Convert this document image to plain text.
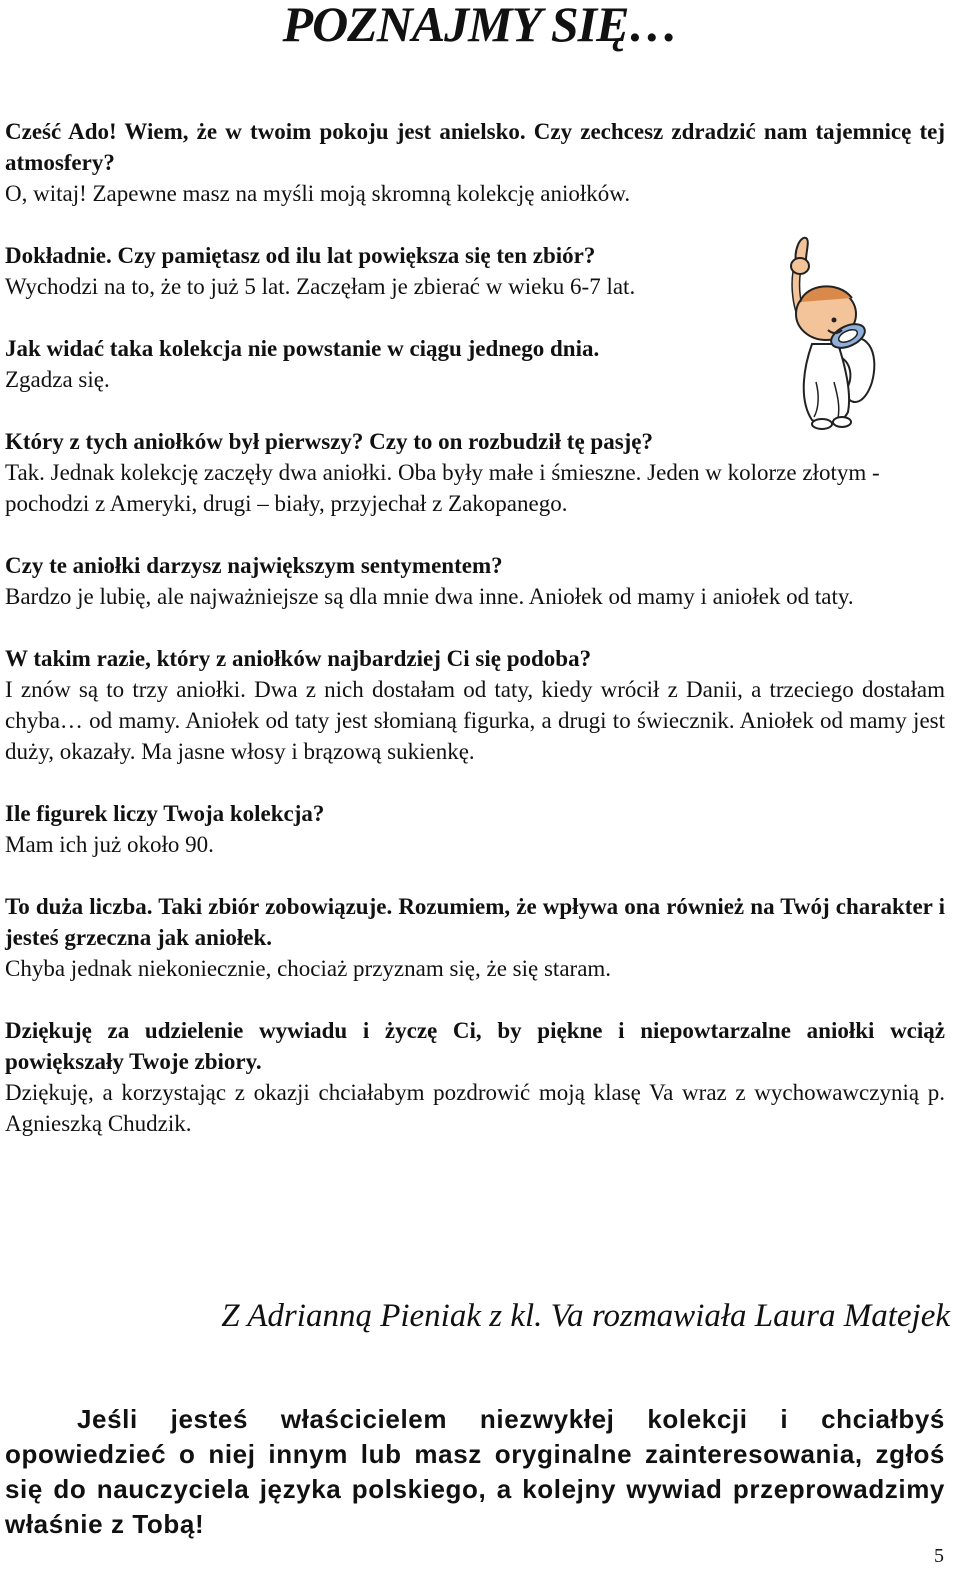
POZNAJMY SIĘ…
Cześć Ado! Wiem, że w twoim pokoju jest anielsko. Czy zechcesz zdradzić nam tajemnicę tej atmosfery?
O, witaj! Zapewne masz na myśli moją skromną kolekcję aniołków.
Dokładnie. Czy pamiętasz od ilu lat powiększa się ten zbiór?
Wychodzi na to, że to już 5 lat. Zaczęłam je zbierać w wieku 6-7 lat.
Jak widać taka kolekcja nie powstanie w ciągu jednego dnia.
Zgadza się.
Który z tych aniołków był pierwszy? Czy to on rozbudził tę pasję?
Tak. Jednak kolekcję zaczęły dwa aniołki. Oba były małe i śmieszne. Jeden w kolorze złotym - pochodzi z Ameryki, drugi – biały, przyjechał z Zakopanego.
Czy te aniołki darzysz największym sentymentem?
Bardzo je lubię, ale najważniejsze są dla mnie dwa inne. Aniołek od mamy i aniołek od taty.
W takim razie, który z aniołków najbardziej Ci się podoba?
I znów są to trzy aniołki. Dwa z nich dostałam od taty, kiedy wrócił z Danii, a trzeciego dostałam chyba… od mamy. Aniołek od taty jest słomianą figurka, a drugi to świecznik. Aniołek od mamy jest duży, okazały. Ma jasne włosy i brązową sukienkę.
Ile figurek liczy Twoja kolekcja?
Mam ich już około 90.
To duża liczba. Taki zbiór zobowiązuje. Rozumiem, że wpływa ona również na Twój charakter i jesteś grzeczna jak aniołek.
Chyba jednak niekoniecznie, chociaż przyznam się, że się staram.
Dziękuję za udzielenie wywiadu i życzę Ci, by piękne i niepowtarzalne aniołki wciąż powiększały Twoje zbiory.
Dziękuję, a korzystając z okazji chciałabym pozdrowić moją klasę Va wraz z wychowawczynią p. Agnieszką Chudzik.
Z Adrianną Pieniak z kl. Va rozmawiała Laura Matejek

Jeśli jesteś właścicielem niezwykłej kolekcji i chciałbyś opowiedzieć o niej innym lub masz oryginalne zainteresowania, zgłoś się do nauczyciela języka polskiego, a kolejny wywiad przeprowadzimy właśnie z Tobą!

5
